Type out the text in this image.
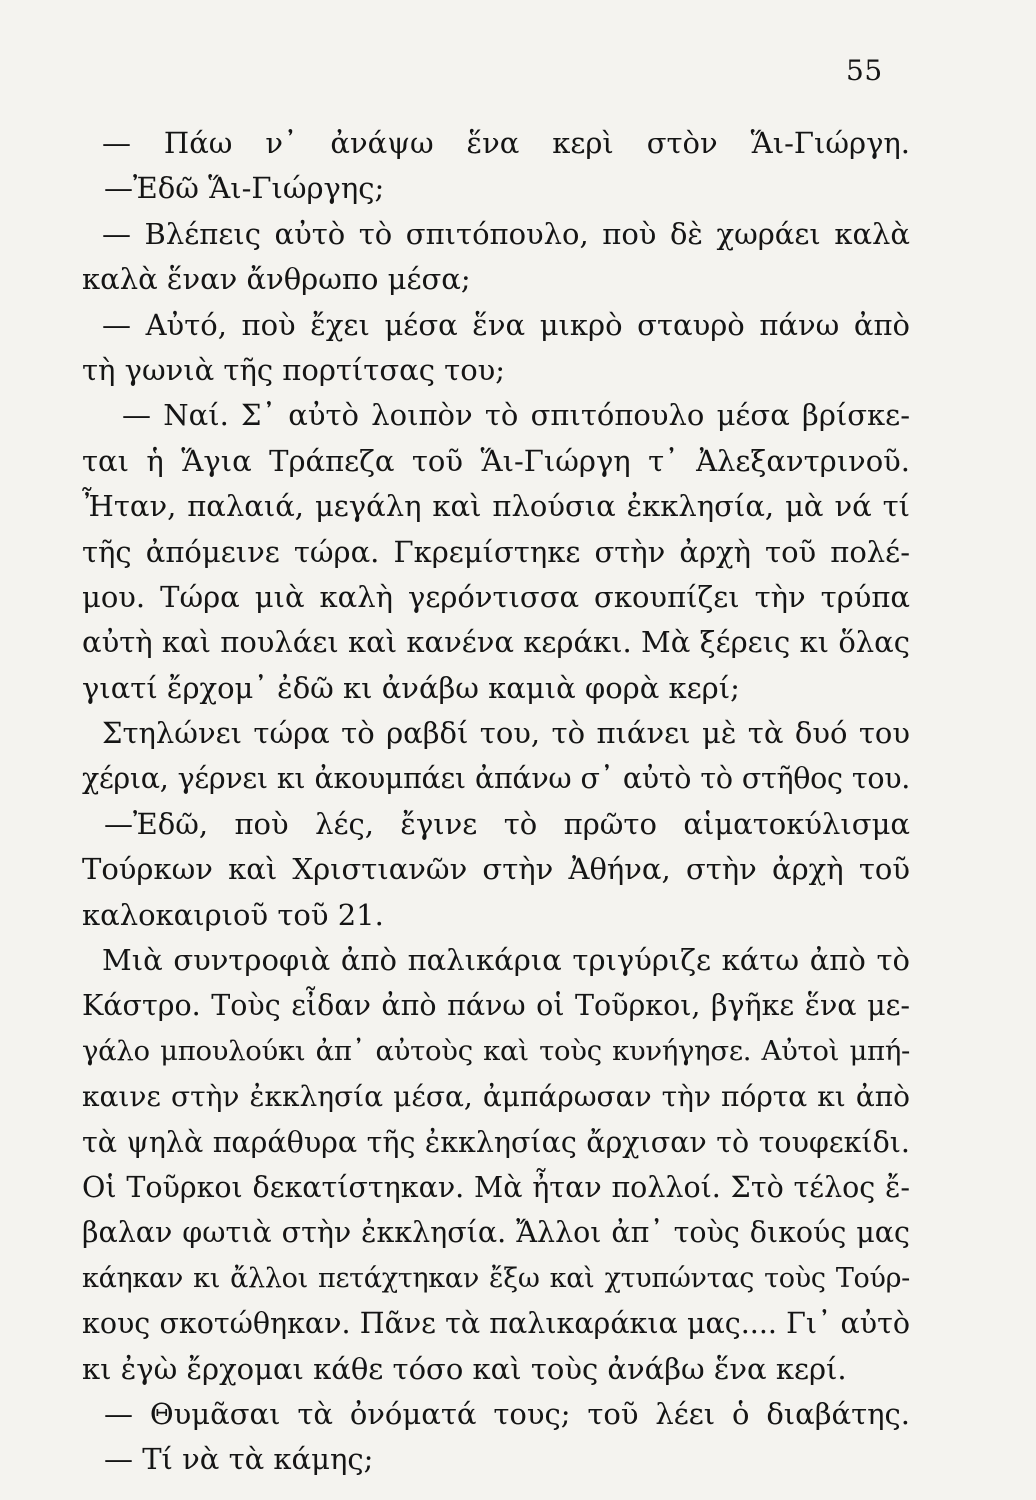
55
— Πάω ν᾽ ἀνάψω ἕνα κερὶ στὸν Ἅι-Γιώργη.
—Ἐδῶ Ἅι-Γιώργης;
— Βλέπεις αὐτὸ τὸ σπιτόπουλο, ποὺ δὲ χωράει καλὰ
καλὰ ἕναν ἄνθρωπο μέσα;
— Αὐτό, ποὺ ἔχει μέσα ἕνα μικρὸ σταυρὸ πάνω ἀπὸ
τὴ γωνιὰ τῆς πορτίτσας του;
— Ναί. Σ᾽ αὐτὸ λοιπὸν τὸ σπιτόπουλο μέσα βρίσκε-
ται ἡ Ἅγια Τράπεζα τοῦ Ἅι-Γιώργη τ᾽ Ἀλεξαντρινοῦ.
Ἦταν, παλαιά, μεγάλη καὶ πλούσια ἐκκλησία, μὰ νά τί
τῆς ἀπόμεινε τώρα. Γκρεμίστηκε στὴν ἀρχὴ τοῦ πολέ-
μου. Τώρα μιὰ καλὴ γερόντισσα σκουπίζει τὴν τρύπα
αὐτὴ καὶ πουλάει καὶ κανένα κεράκι. Μὰ ξέρεις κι ὅλας
γιατί ἔρχομ᾽ ἐδῶ κι ἀνάβω καμιὰ φορὰ κερί;
Στηλώνει τώρα τὸ ραβδί του, τὸ πιάνει μὲ τὰ δυό του
χέρια, γέρνει κι ἀκουμπάει ἀπάνω σ᾽ αὐτὸ τὸ στῆθος του.
—Ἐδῶ, ποὺ λές, ἔγινε τὸ πρῶτο αἱματοκύλισμα
Τούρκων καὶ Χριστιανῶν στὴν Ἀθήνα, στὴν ἀρχὴ τοῦ
καλοκαιριοῦ τοῦ 21.
Μιὰ συντροφιὰ ἀπὸ παλικάρια τριγύριζε κάτω ἀπὸ τὸ
Κάστρο. Τοὺς εἶδαν ἀπὸ πάνω οἱ Τοῦρκοι, βγῆκε ἕνα με-
γάλο μπουλούκι ἀπ᾽ αὐτοὺς καὶ τοὺς κυνήγησε. Αὐτοὶ μπή-
καινε στὴν ἐκκλησία μέσα, ἀμπάρωσαν τὴν πόρτα κι ἀπὸ
τὰ ψηλὰ παράθυρα τῆς ἐκκλησίας ἄρχισαν τὸ τουφεκίδι.
Οἱ Τοῦρκοι δεκατίστηκαν. Μὰ ἦταν πολλοί. Στὸ τέλος ἔ-
βαλαν φωτιὰ στὴν ἐκκλησία. Ἄλλοι ἀπ᾽ τοὺς δικούς μας
κάηκαν κι ἄλλοι πετάχτηκαν ἔξω καὶ χτυπώντας τοὺς Τούρ-
κους σκοτώθηκαν. Πᾶνε τὰ παλικαράκια μας.... Γι᾽ αὐτὸ
κι ἐγὼ ἔρχομαι κάθε τόσο καὶ τοὺς ἀνάβω ἕνα κερί.
— Θυμᾶσαι τὰ ὀνόματά τους; τοῦ λέει ὁ διαβάτης.
— Τί νὰ τὰ κάμης;
